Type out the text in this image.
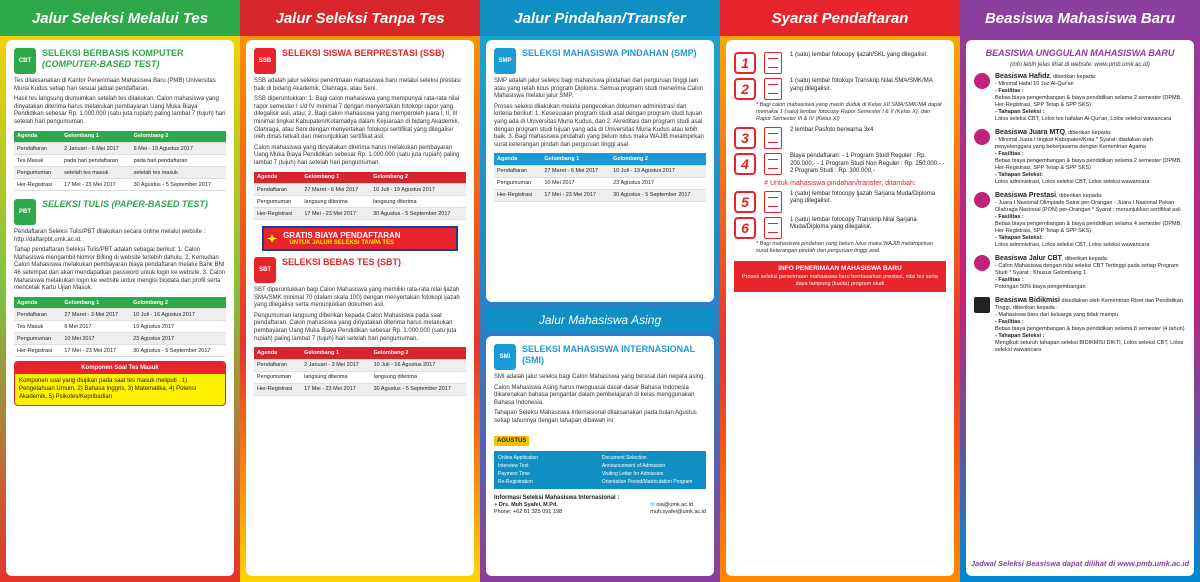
Jalur Seleksi Melalui Tes
CBT
SELEKSI BERBASIS KOMPUTER
(COMPUTER-BASED TEST)
Tes dilaksanakan di Kantor Penerimaan Mahasiswa Baru (PMB) Universitas Muria Kudus setiap hari sesuai jadual pendaftaran.
Hasil tes langsung diumumkan setelah tes dilakukan. Calon mahasiswa yang dinyatakan diterima harus melakukan pembayaran Uang Muka Biaya Pendidikan sebesar Rp. 1.000.000 (satu juta rupiah) paling lambat 7 (tujuh) hari setelah hari pengumuman.
Agenda	Gelombang 1	Gelombang 2
Pendaftaran	2 Januari - 6 Mei 2017	8 Mei - 19 Agustus 2017
Tes Masuk	pada hari pendaftaran	pada hari pendaftaran
Pengumuman	setelah tes masuk	setelah tes masuk
Her-Registrasi	17 Mei - 23 Mei 2017	30 Agustus - 5 September 2017
PBT
SELEKSI TULIS (PAPER-BASED TEST)
Pendaftaran Seleksi Tulis/PBT dilakukan secara online melalui website : http://daftarpbt.umk.ac.id.
Tahap pendaftaran Seleksi Tulis/PBT adalah sebagai berikut: 1. Calon Mahasiswa mengambil Nomor Billing di website terlebih dahulu. 2. Kemudian Calon Mahasiswa melakukan pembayaran biaya pendaftaran melalui Bank BNI 46 setempat dan akan mendapatkan password untuk login ke website. 3. Calon Mahasiswa melakukan login ke website untuk mengisi biodata dan profil serta mencetak Kartu Ujian Masuk.
Agenda	Gelombang 1	Gelombang 2
Pendaftaran	27 Maret - 3 Mei 2017	10 Juli - 16 Agustus 2017
Tes Masuk	6 Mei 2017	19 Agustus 2017
Pengumuman	10 Mei 2017	23 Agustus 2017
Her-Registrasi	17 Mei - 23 Mei 2017	30 Agustus - 5 September 2017
Komponen Soal Tes Masuk
Komponen soal yang diujikan pada saat tes masuk meliputi : 1) Pengetahuan Umum, 2) Bahasa Inggris, 3) Matematika, 4) Potensi Akademik, 5) Psikotes/Kepribadian
Jalur Seleksi Tanpa Tes
SSB
SELEKSI SISWA BERPRESTASI (SSB)
SSB adalah jalur seleksi penerimaan mahasiswa baru melalui seleksi prestasi baik di bidang Akademik, Olahraga, atau Seni.
SSB diperuntukkan: 1. Bagi calon mahasiswa yang mempunyai rata-rata nilai rapor semester I s/d IV minimal 7 dengan menyertakan fotokopi rapor yang dilegalisir asli, atau; 2. Bagi calon mahasiswa yang memperoleh juara I, II, III minimal tingkat Kabupaten/Kotamadya dalam Kejuaraan di bidang Akademik, Olahraga, atau Seni dengan menyertakan fotokopi sertifikat yang dilegalisir oleh dinas terkait dan menunjukkan sertifikat asli.
Calon mahasiswa yang dinyatakan diterima harus melakukan pembayaran Uang Muka Biaya Pendidikan sebesar Rp. 1.000.000 (satu juta rupiah) paling lambat 7 (tujuh) hari setelah hari pengumuman.
Agenda	Gelombang 1	Gelombang 2
Pendaftaran	27 Maret - 6 Mei 2017	10 Juli - 19 Agustus 2017
Pengumuman	langsung diterima	langsung diterima
Her-Registrasi	17 Mei - 23 Mei 2017	30 Agustus - 5 September 2017
✦ GRATIS BIAYA PENDAFTARAN
UNTUK JALUR SELEKSI TANPA TES
SBT
SELEKSI BEBAS TES (SBT)
SBT diperuntukkan bagi Calon Mahasiswa yang memiliki rata-rata nilai Ijazah SMA/SMK minimal 70 (dalam skala 100) dengan menyertakan fotokopi ijazah yang dilegalisir serta menunjukkan dokumen asli.
Pengumuman langsung diberikan kepada Calon Mahasiswa pada saat pendaftaran. Calon mahasiswa yang dinyatakan diterima harus melakukan pembayaran Uang Muka Biaya Pendidikan sebesar Rp. 1.000.000 (satu juta rupiah) paling lambat 7 (tujuh) hari setelah hari pengumuman.
Agenda	Gelombang 1	Gelombang 2
Pendaftaran	2 Januari - 3 Mei 2017	10 Juli - 16 Agustus 2017
Pengumuman	langsung diterima	langsung diterima
Her-Registrasi	17 Mei - 23 Mei 2017	30 Agustus - 5 September 2017
Jalur Pindahan/Transfer
SMP
SELEKSI MAHASISWA PINDAHAN (SMP)
SMP adalah jalur seleksi bagi mahasiswa pindahan dari perguruan tinggi lain atau yang telah lulus program Diploma. Semua program studi menerima Calon Mahasiswa melalui jalur SMP.
Proses seleksi dilakukan melalui pengecekan dokumen administrasi dan kriteria berikut: 1. Kesesuaian program studi asal dengan program studi tujuan yang ada di Universitas Muria Kudus, dan 2. Akreditasi dan program studi asal dengan program studi tujuan yang ada di Universitas Muria Kudus atau lebih baik. 3. Bagi mahasiswa pindahan yang belum lulus maka WAJIB melampirkan surat keterangan pindah dari perguruan tinggi asal.
Agenda	Gelombang 1	Gelombang 2
Pendaftaran	27 Maret - 6 Mei 2017	10 Juli - 19 Agustus 2017
Pengumuman	10 Mei 2017	23 Agustus 2017
Her-Registrasi	17 Mei - 23 Mei 2017	30 Agustus - 5 September 2017
Jalur Mahasiswa Asing
SMI
SELEKSI MAHASISWA INTERNASIONAL (SMI)
SMI adalah jalur seleksi bagi Calon Mahasiswa yang berasal dari negara asing.
Calon Mahasiswa Asing harus menguasai dasar-dasar Bahasa Indonesia dikarenakan bahasa pengantar dalam pembelajaran di kelas menggunakan Bahasa Indonesia.
Tahapan Seleksi Mahasiswa Internasional dilaksanakan pada bulan Agustus setiap tahunnya dengan tahapan dibawah ini:
AGUSTUS
Online Application	Document Selection
Interview Test	Announcement of Admission
Payment Time	Visiting Letter for Admission
Re-Registration	Orientation Period/Matriculation Program
Informasi Seleksi Mahasiswa Internasional :
● Drs. Muh Syafei, M.Pd.
Phone: +62 81 325 091 198
✉ oia@umk.ac.id
muh.syafei@umk.ac.id
Syarat Pendaftaran
1	1 (satu) lembar fotocopy Ijazah/SKL yang dilegalisir.
2	1 (satu) lembar fotokopi Transkrip Nilai SMA/SMK/MA yang dilegalisir.
* Bagi calon mahasiswa yang masih duduk di Kelas XII SMA/SMK/MA dapat memakai 1 (satu) lembar fotocopy Rapor Semester I & II (Kelas X), dan Rapor Semester III & IV (Kelas XI)
3	2 lembar Pasfoto berwarna 3x4
4	Biaya pendaftaran: - 1 Program Studi Reguler : Rp. 200.000,- - 1 Program Studi Non Reguler : Rp. 250.000.- - 2 Program Studi : Rp. 300.000,-
# Untuk mahasiswa pindahan/transfer, ditambah:
5	1 (satu) lembar fotocopy Ijazah Sarjana Muda/Diploma yang dilegalisir.
6	1 (satu) lembar fotocopy Transkrip Nilai Sarjana Muda/Diploma yang dilegalisir.
* Bagi mahasiswa pindahan yang belum lulus maka WAJIB melampirkan surat keterangan pindah dari perguruan tinggi asal.
INFO PENERIMAAN MAHASISWA BARU
Proses seleksi penerimaan mahasiswa baru berdasarkan prestasi, nilai tes serta daya tampung (kuota) program studi
Beasiswa Mahasiswa Baru
BEASISWA UNGGULAN MAHASISWA BARU
(info lebih jelas lihat di website: www.pmb.umk.ac.id)
Beasiswa Hafidz, diberikan kepada:
- Minimal Hafal 10 Juz Al-Qur'an
- Fasilitas :
Bebas biaya pengembangan & biaya pendidikan selama 2 semester (DPMB, Her-Registrasi, SPP Tetap & SPP SKS)
- Tahapan Seleksi :
Lolos seleksi CBT, Lolos tes hafalan Al-Qur'an, Lolos seleksi wawancara
Beasiswa Juara MTQ, diberikan kepada:
- Minimal Juara I tingkat Kabupaten/Kota * Syarat: diadakan oleh penyelenggara yang bekerjasama dengan Kementrian Agama
- Fasilitas :
Bebas biaya pengembangan & biaya pendidikan selama 2 semester (DPMB, Her-Registrasi, SPP Tetap & SPP SKS)
- Tahapan Seleksi:
Lolos administrasi, Lolos seleksi CBT, Lolos seleksi wawancara
Beasiswa Prestasi, diberikan kepada:
- Juara I Nasional Olimpiade Sains per-Orangan - Juara I Nasional Pekan Olahraga Nasional (PON) per-Orangan * Syarat : menunjukkan sertifikat asli
- Fasilitas :
Bebas biaya pengembangan & biaya pendidikan selama 4 semester (DPMB, Her-Registrasi, SPP Tetap & SPP SKS)
- Tahapan Seleksi:
Lolos administrasi, Lolos seleksi CBT, Lolos seleksi wawancara
Beasiswa Jalur CBT, diberikan kepada:
- Calon Mahasiswa dengan nilai seleksi CBT Tertinggi pada setiap Program Studi * Syarat : Khusus Gelombang 1
- Fasilitas :
Potongan 50% biaya pengembangan
Beasiswa Bidikmisi disediakan oleh Kementrian Riset dan Pendidikan Tinggi, diberikan kepada :
- Mahasiswa baru dari keluarga yang tidak mampu
- Fasilitas :
Bebas biaya pengembangan & biaya pendidikan selama 8 semester (4 tahun)
- Tahapan Seleksi :
Mengikuti seluruh tahapan seleksi BIDIKMISI DIKTI, Lolos seleksi CBT, Lolos seleksi wawancara
Jadwal Seleksi Beasiswa dapat dilihat di www.pmb.umk.ac.id
